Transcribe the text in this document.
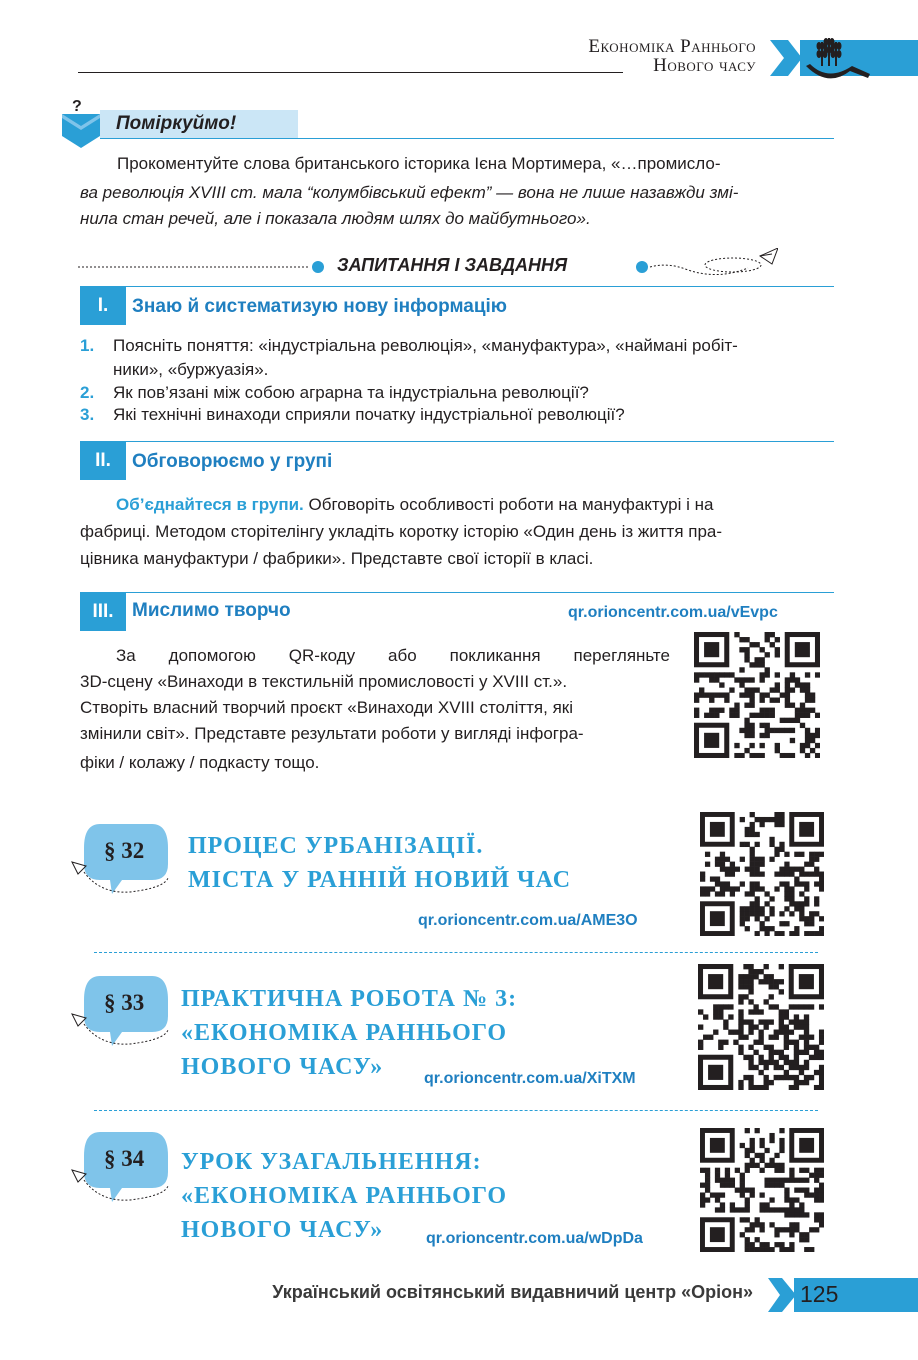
Економіка Раннього
Нового часу
?
Поміркуймо!
Прокоментуйте слова британського історика Ієна Мортимера, «…промисло-
ва революція XVIII ст. мала “колумбівський ефект” — вона не лише назавжди змі-
нила стан речей, але і показала людям шлях до майбутнього».
ЗАПИТАННЯ І ЗАВДАННЯ
I.	Знаю й систематизую нову інформацію
1. Поясніть поняття: «індустріальна революція», «мануфактура», «наймані робіт-
ники», «буржуазія».
2. Як пов’язані між собою аграрна та індустріальна революції?
3. Які технічні винаходи сприяли початку індустріальної революції?
II.	Обговорюємо у групі
Об’єднайтеся в групи. Обговоріть особливості роботи на мануфактурі і на
фабриці. Методом сторітелінгу укладіть коротку історію «Один день із життя пра-
цівника мануфактури / фабрики». Представте свої історії в класі.
III. Мислимо творчо	qr.orioncentr.com.ua/vEvpc
За допомогою QR-коду або покликання перегляньте
3D-сцену «Винаходи в текстильній промисловості у XVIII ст.».
Створіть власний творчий проєкт «Винаходи XVIII століття, які
змінили світ». Представте результати роботи у вигляді інфогра-
фіки / колажу / подкасту тощо.
§ 32 ПРОЦЕС УРБАНІЗАЦІЇ.
МІСТА У РАННІЙ НОВИЙ ЧАС
qr.orioncentr.com.ua/AME3O
§ 33 ПРАКТИЧНА РОБОТА № 3:
«ЕКОНОМІКА РАННЬОГО
НОВОГО ЧАСУ»	qr.orioncentr.com.ua/XiTXM
§ 34 УРОК УЗАГАЛЬНЕННЯ:
«ЕКОНОМІКА РАННЬОГО
НОВОГО ЧАСУ»	qr.orioncentr.com.ua/wDpDa
Український освітянський видавничий центр «Оріон» 125
